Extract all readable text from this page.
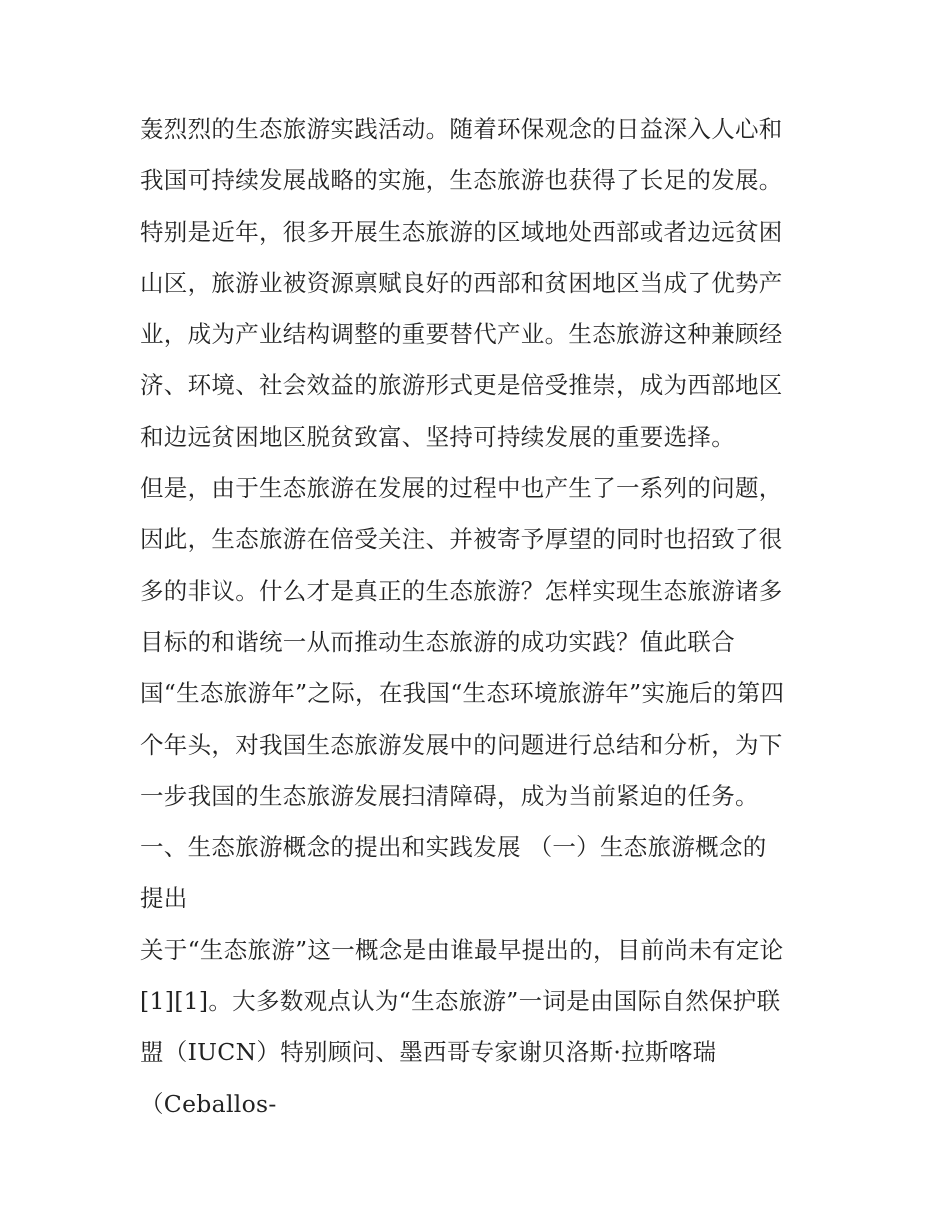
轰烈烈的生态旅游实践活动。随着环保观念的日益深入人心和
我国可持续发展战略的实施，生态旅游也获得了长足的发展。
特别是近年，很多开展生态旅游的区域地处西部或者边远贫困
山区，旅游业被资源禀赋良好的西部和贫困地区当成了优势产
业，成为产业结构调整的重要替代产业。生态旅游这种兼顾经
济、环境、社会效益的旅游形式更是倍受推崇，成为西部地区
和边远贫困地区脱贫致富、坚持可持续发展的重要选择。
但是，由于生态旅游在发展的过程中也产生了一系列的问题，
因此，生态旅游在倍受关注、并被寄予厚望的同时也招致了很
多的非议。什么才是真正的生态旅游？怎样实现生态旅游诸多
目标的和谐统一从而推动生态旅游的成功实践？值此联合
国“生态旅游年”之际，在我国“生态环境旅游年”实施后的第四
个年头，对我国生态旅游发展中的问题进行总结和分析，为下
一步我国的生态旅游发展扫清障碍，成为当前紧迫的任务。
一、生态旅游概念的提出和实践发展 （一）生态旅游概念的
提出
关于“生态旅游”这一概念是由谁最早提出的，目前尚未有定论
[1][1]。大多数观点认为“生态旅游”一词是由国际自然保护联
盟（IUCN）特别顾问、墨西哥专家谢贝洛斯·拉斯喀瑞
（Ceballos-
